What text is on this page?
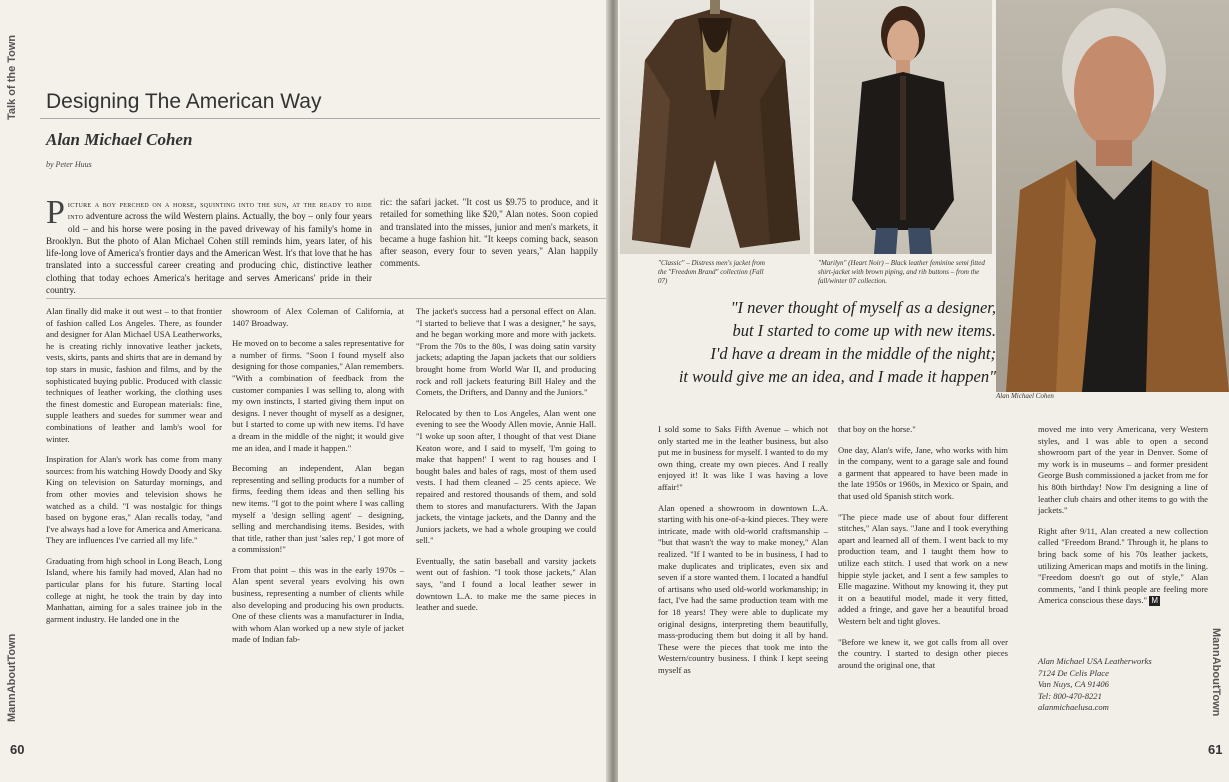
Talk of the Town
MannAboutTown
60
Designing The American Way
Alan Michael Cohen
by Peter Huus
Picture a boy perched on a horse, squinting into the sun, at the ready to ride into adventure across the wild Western plains. Actually, the boy – only four years old – and his horse were posing in the paved driveway of his family's home in Brooklyn. But the photo of Alan Michael Cohen still reminds him, years later, of his life-long love of America's frontier days and the American West. It's that love that he has translated into a successful career creating and producing chic, distinctive leather clothing that today echoes America's heritage and serves Americans' pride in their country.

ric: the safari jacket. "It cost us $9.75 to produce, and it retailed for something like $20," Alan notes. Soon copied and translated into the misses, junior and men's markets, it became a huge fashion hit. "It keeps coming back, season after season, every four to seven years," Alan happily comments.

Alan finally did make it out west – to that frontier of fashion called Los Angeles. There, as founder and designer for Alan Michael USA Leatherworks, he is creating richly innovative leather jackets, vests, skirts, pants and shirts that are in demand by top stars in music, fashion and films, and by the sophisticated buying public. Produced with classic techniques of leather working, the clothing uses the finest domestic and European materials: fine, supple leathers and suedes for summer wear and combinations of leather and lamb's wool for winter.

Inspiration for Alan's work has come from many sources: from his watching Howdy Doody and Sky King on television on Saturday mornings, and from other movies and television shows he watched as a child. "I was nostalgic for things based on bygone eras," Alan recalls today, "and I've always had a love for America and Americana. They are influences I've carried all my life."

Graduating from high school in Long Beach, Long Island, where his family had moved, Alan had no particular plans for his future. Starting local college at night, he took the train by day into Manhattan, aiming for a sales trainee job in the garment industry. He landed one in the

showroom of Alex Coleman of California, at 1407 Broadway.

He moved on to become a sales representative for a number of firms. "Soon I found myself also designing for those companies," Alan remembers. "With a combination of feedback from the customer companies I was selling to, along with my own instincts, I started giving them input on designs. I never thought of myself as a designer, but I started to come up with new items. I'd have a dream in the middle of the night; it would give me an idea, and I made it happen."

Becoming an independent, Alan began representing and selling products for a number of firms, feeding them ideas and then selling his new items. "I got to the point where I was calling myself a 'design selling agent' – designing, selling and merchandising items. Besides, with that title, rather than just 'sales rep,' I got more of a commission!"

From that point – this was in the early 1970s – Alan spent several years evolving his own business, representing a number of clients while also developing and producing his own products. One of these clients was a manufacturer in India, with whom Alan worked up a new style of jacket made of Indian fab-

The jacket's success had a personal effect on Alan. "I started to believe that I was a designer," he says, and he began working more and more with jackets. "From the 70s to the 80s, I was doing satin varsity jackets; adapting the Japan jackets that our soldiers brought home from World War II, and producing rock and roll jackets featuring Bill Haley and the Comets, the Drifters, and Danny and the Juniors."

Relocated by then to Los Angeles, Alan went one evening to see the Woody Allen movie, Annie Hall. "I woke up soon after, I thought of that vest Diane Keaton wore, and I said to myself, 'I'm going to make that happen!' I went to rag houses and I bought bales and bales of rags, most of them used vests. I had them cleaned – 25 cents apiece. We repaired and restored thousands of them, and sold them to stores and manufacturers. With the Japan jackets, the vintage jackets, and the Danny and the Juniors jackets, we had a whole grouping we could sell."

Eventually, the satin baseball and varsity jackets went out of fashion. "I took those jackets," Alan says, "and I found a local leather sewer in downtown L.A. to make me the same pieces in leather and suede.

"Classic" – Distress men's jacket from the "Freedom Brand" collection (Fall 07)
"Marilyn" (Heart Noir) – Black leather feminine semi fitted shirt-jacket with brown piping, and rib buttons – from the fall/winter 07 collection.
Alan Michael Cohen
"I never thought of myself as a designer,
but I started to come up with new items.
I'd have a dream in the middle of the night;
it would give me an idea, and I made it happen"

I sold some to Saks Fifth Avenue – which not only started me in the leather business, but also put me in business for myself. I wanted to do my own thing, create my own pieces. And I really enjoyed it! It was like I was having a love affair!"

Alan opened a showroom in downtown L.A. starting with his one-of-a-kind pieces. They were intricate, made with old-world craftsmanship – "but that wasn't the way to make money," Alan realized. "If I wanted to be in business, I had to make duplicates and triplicates, even six and seven if a store wanted them. I located a handful of artisans who used old-world workmanship; in fact, I've had the same production team with me for 18 years! They were able to duplicate my original designs, interpreting them beautifully, mass-producing them but doing it all by hand. These were the pieces that took me into the Western/country business. I think I kept seeing myself as

that boy on the horse."

One day, Alan's wife, Jane, who works with him in the company, went to a garage sale and found a garment that appeared to have been made in the late 1950s or 1960s, in Mexico or Spain, and that used old Spanish stitch work.

"The piece made use of about four different stitches," Alan says. "Jane and I took everything apart and learned all of them. I went back to my production team, and I taught them how to utilize each stitch. I used that work on a new hippie style jacket, and I sent a few samples to Elle magazine. Without my knowing it, they put it on a beautiful model, made it very fitted, added a fringe, and gave her a beautiful broad Western belt and tight gloves.

"Before we knew it, we got calls from all over the country. I started to design other pieces around the original one, that

moved me into very Americana, very Western styles, and I was able to open a second showroom part of the year in Denver. Some of my work is in museums – and former president George Bush commissioned a jacket from me for his 80th birthday! Now I'm designing a line of leather club chairs and other items to go with the jackets."

Right after 9/11, Alan created a new collection called "Freedom Brand." Through it, he plans to bring back some of his 70s leather jackets, utilizing American maps and motifs in the lining. "Freedom doesn't go out of style," Alan comments, "and I think people are feeling more America conscious these days." M

Alan Michael USA Leatherworks
7124 De Celis Place
Van Nuys, CA 91406
Tel: 800-470-8221
alanmichaelusa.com	MannAboutTown
61
